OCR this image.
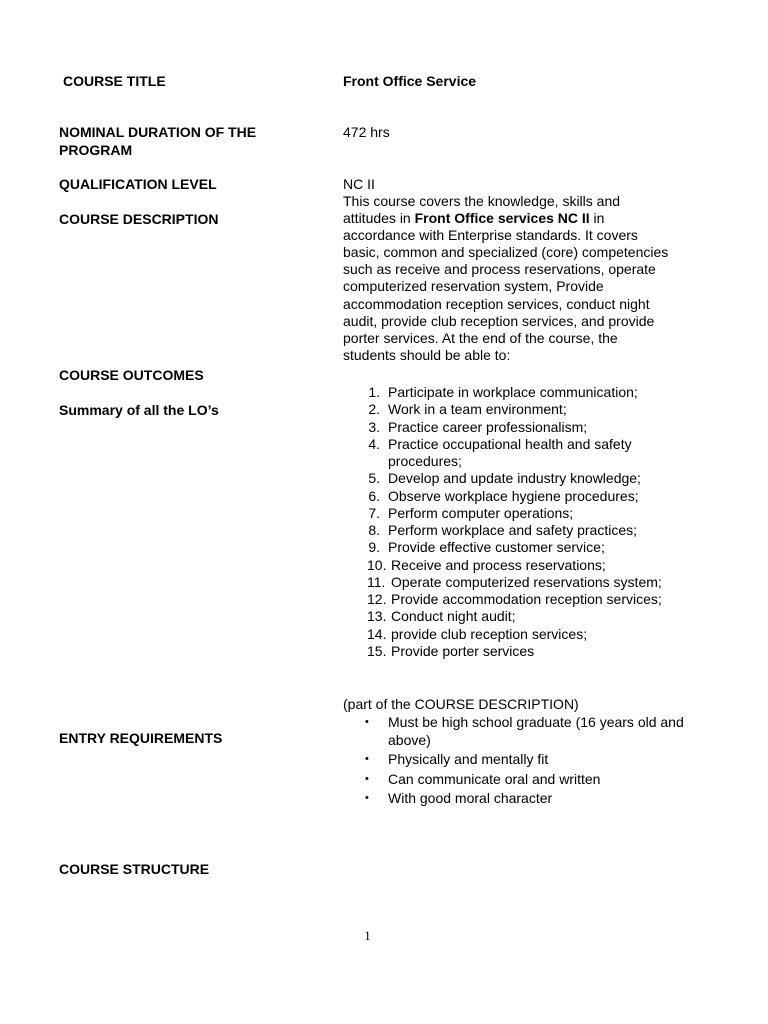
COURSE TITLE
NOMINAL DURATION OF THE
PROGRAM
QUALIFICATION LEVEL
COURSE DESCRIPTION
COURSE OUTCOMES
Summary of all the LO’s
ENTRY REQUIREMENTS
COURSE STRUCTURE
Front Office Service
472 hrs
NC II
This course covers the knowledge, skills and attitudes in Front Office services NC II in accordance with Enterprise standards. It covers basic, common and specialized (core) competencies such as receive and process reservations, operate computerized reservation system, Provide accommodation reception services, conduct night audit, provide club reception services, and provide porter services. At the end of the course, the students should be able to:
1. Participate in workplace communication;
2. Work in a team environment;
3. Practice career professionalism;
4. Practice occupational health and safety procedures;
5. Develop and update industry knowledge;
6. Observe workplace hygiene procedures;
7. Perform computer operations;
8. Perform workplace and safety practices;
9. Provide effective customer service;
10. Receive and process reservations;
11. Operate computerized reservations system;
12. Provide accommodation reception services;
13. Conduct night audit;
14. provide club reception services;
15. Provide porter services
(part of the COURSE DESCRIPTION)
• Must be high school graduate (16 years old and above)
• Physically and mentally fit
• Can communicate oral and written
• With good moral character
1
